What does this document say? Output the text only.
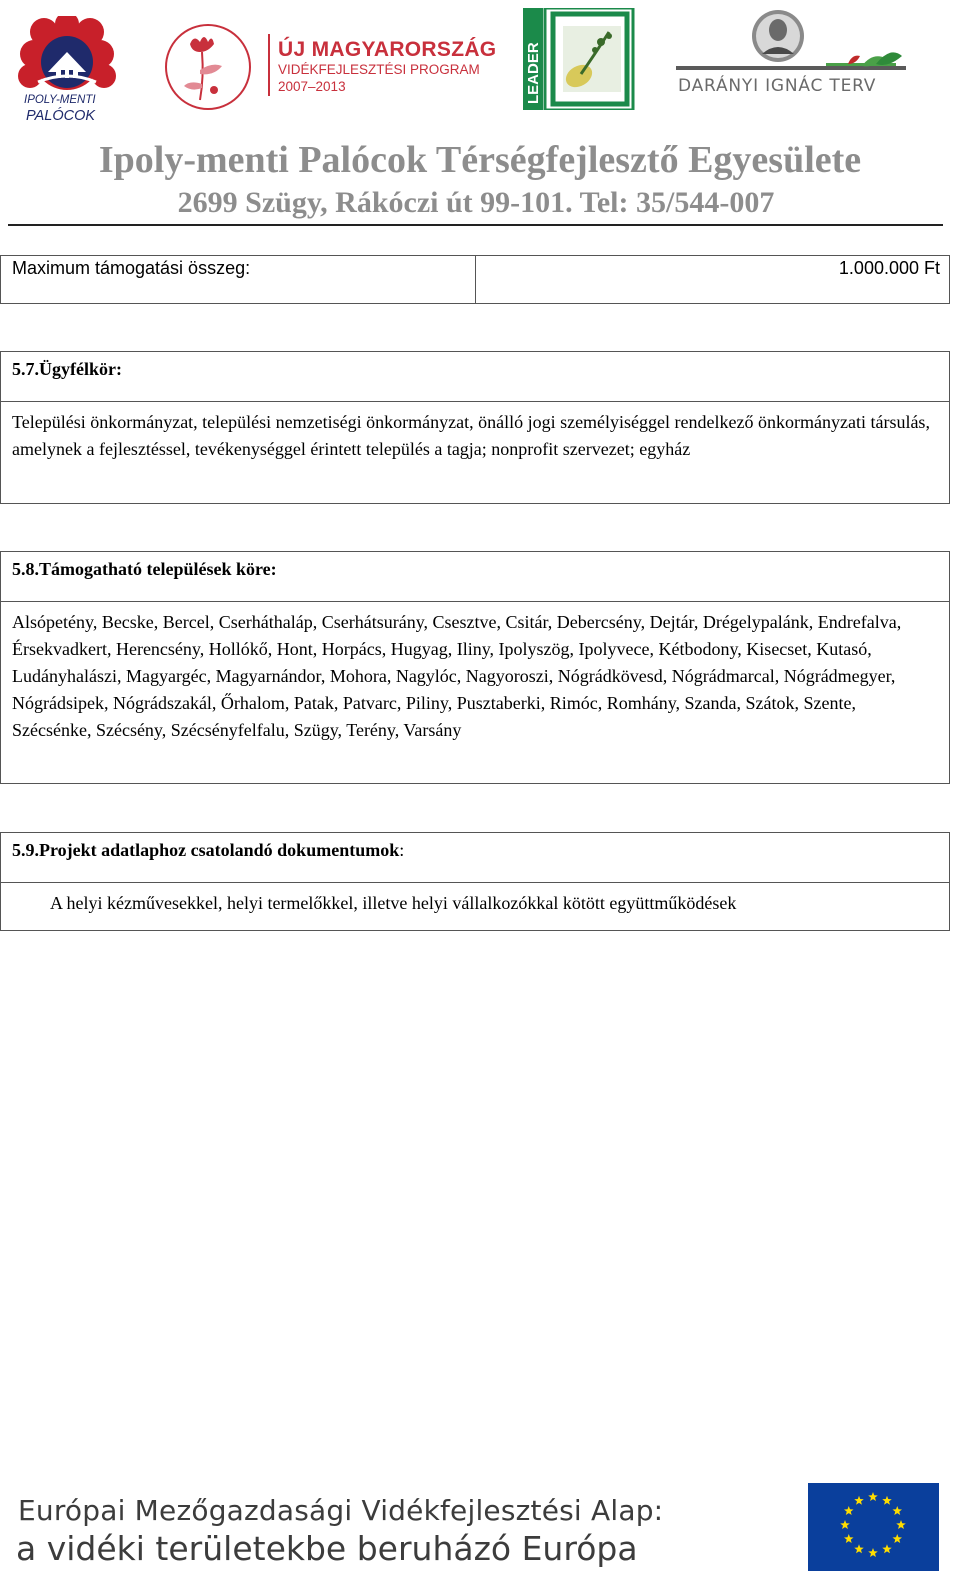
IPOLY-MENTI
PALÓCOK
ÚJ MAGYARORSZÁG
VIDÉKFEJLESZTÉSI PROGRAM
2007–2013	LEADER	DARÁNYI IGNÁC TERV
Ipoly-menti Palócok Térségfejlesztő Egyesülete
2699 Szügy, Rákóczi út 99-101. Tel: 35/544-007
Maximum támogatási összeg:	1.000.000 Ft
5.7.Ügyfélkör:
Települési önkormányzat, települési nemzetiségi önkormányzat, önálló jogi személyiséggel rendelkező önkormányzati társulás, amelynek a fejlesztéssel, tevékenységgel érintett település a tagja; nonprofit szervezet; egyház
5.8.Támogatható települések köre:
Alsópetény, Becske, Bercel, Cserháthaláp, Cserhátsurány, Csesztve, Csitár, Debercsény, Dejtár, Drégelypalánk, Endrefalva, Érsekvadkert, Herencsény, Hollókő, Hont, Horpács, Hugyag, Iliny, Ipolyszög, Ipolyvece, Kétbodony, Kisecset, Kutasó, Ludányhalászi, Magyargéc, Magyarnándor, Mohora, Nagylóc, Nagyoroszi, Nógrádkövesd, Nógrádmarcal, Nógrádmegyer, Nógrádsipek, Nógrádszakál, Őrhalom, Patak, Patvarc, Piliny, Pusztaberki, Rimóc, Romhány, Szanda, Szátok, Szente, Szécsénke, Szécsény, Szécsényfelfalu, Szügy, Terény, Varsány
5.9.Projekt adatlaphoz csatolandó dokumentumok:
A helyi kézművesekkel, helyi termelőkkel, illetve helyi vállalkozókkal kötött együttműködések
Európai Mezőgazdasági Vidékfejlesztési Alap:
a vidéki területekbe beruházó Európa
